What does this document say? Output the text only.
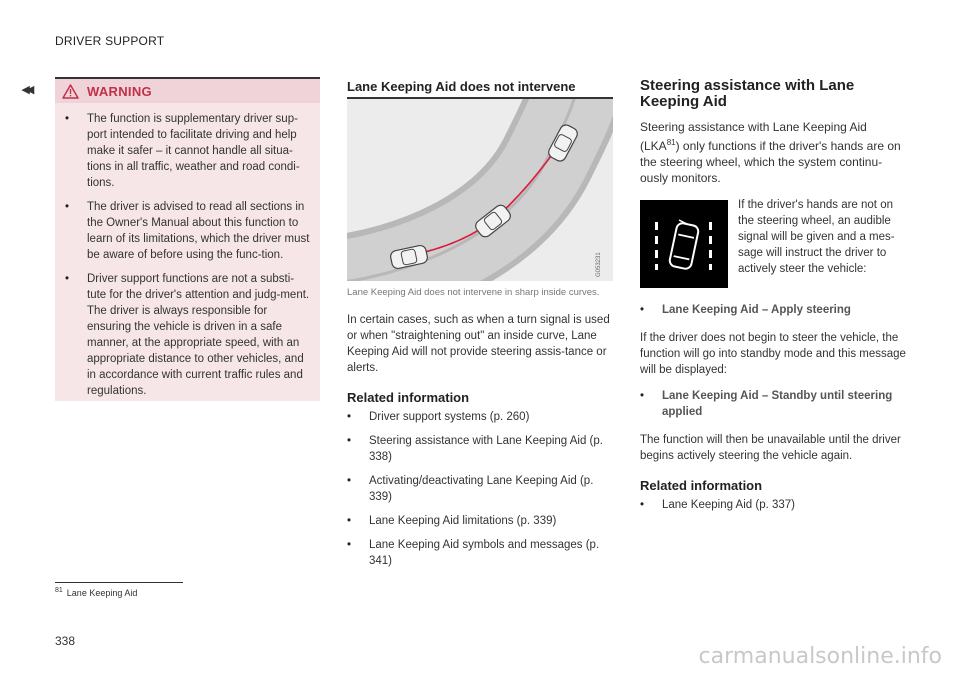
DRIVER SUPPORT
◂◂	WARNING
• The function is supplementary driver sup-port intended to facilitate driving and help make it safer – it cannot handle all situa-tions in all traffic, weather and road condi-tions.
• The driver is advised to read all sections in the Owner's Manual about this function to learn of its limitations, which the driver must be aware of before using the func-tion.
• Driver support functions are not a substi-tute for the driver's attention and judg-ment. The driver is always responsible for ensuring the vehicle is driven in a safe manner, at the appropriate speed, with an appropriate distance to other vehicles, and in accordance with current traffic rules and regulations.
Lane Keeping Aid does not intervene
G053231
Lane Keeping Aid does not intervene in sharp inside curves.

In certain cases, such as when a turn signal is used or when "straightening out" an inside curve, Lane Keeping Aid will not provide steering assis-tance or alerts.

Related information
• Driver support systems (p. 260)
• Steering assistance with Lane Keeping Aid (p. 338)
• Activating/deactivating Lane Keeping Aid (p. 339)
• Lane Keeping Aid limitations (p. 339)
• Lane Keeping Aid symbols and messages (p. 341)
Steering assistance with Lane Keeping Aid

Steering assistance with Lane Keeping Aid (LKA$^{81}$) only functions if the driver's hands are on the steering wheel, which the system continu-ously monitors.

If the driver's hands are not on the steering wheel, an audible signal will be given and a mes-sage will instruct the driver to actively steer the vehicle:

• Lane Keeping Aid – Apply steering

If the driver does not begin to steer the vehicle, the function will go into standby mode and this message will be displayed:

• Lane Keeping Aid – Standby until steering applied

The function will then be unavailable until the driver begins actively steering the vehicle again.

Related information
• Lane Keeping Aid (p. 337)
$^{81}$ Lane Keeping Aid
338
carmanualsonline.info
